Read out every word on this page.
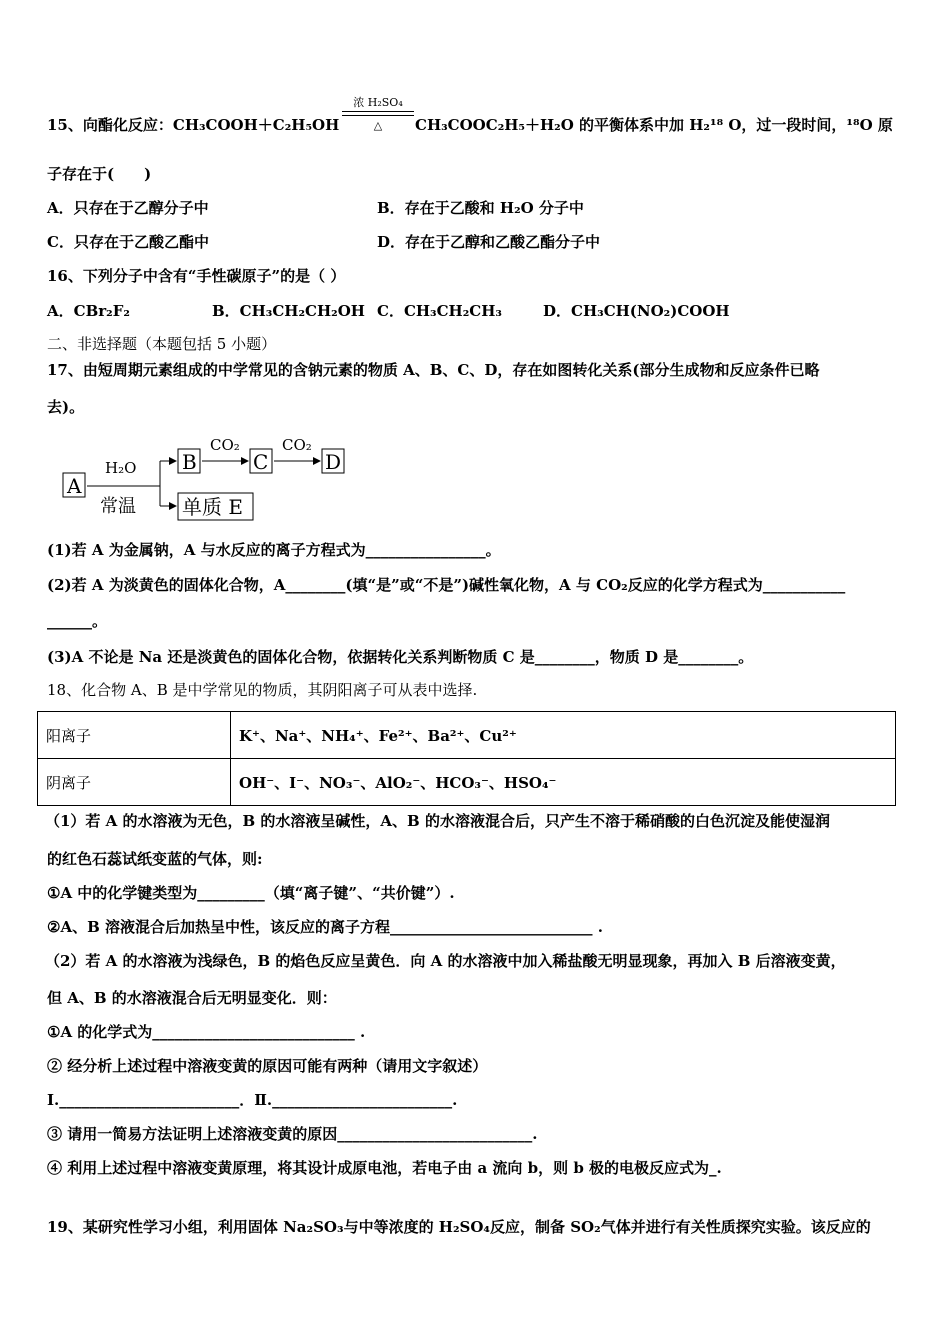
15、向酯化反应：CH₃COOH＋C₂H₅OH
浓 H₂SO₄
△	CH₃COOC₂H₅＋H₂O 的平衡体系中加 H₂¹⁸ O，过一段时间，¹⁸O 原
子存在于(　　)
A．只存在于乙醇分子中	B．存在于乙酸和 H₂O 分子中
C．只存在于乙酸乙酯中	D．存在于乙醇和乙酸乙酯分子中
16、下列分子中含有“手性碳原子”的是（ ）
A．CBr₂F₂	B．CH₃CH₂CH₂OH C．CH₃CH₂CH₃	D．CH₃CH(NO₂)COOH
二、非选择题（本题包括 5 小题）
17、由短周期元素组成的中学常见的含钠元素的物质 A、B、C、D，存在如图转化关系(部分生成物和反应条件已略
去)。
A
B	C	D
单质 E
H₂O
常温
CO₂	CO₂
(1)若 A 为金属钠，A 与水反应的离子方程式为________________。
(2)若 A 为淡黄色的固体化合物，A________(填“是”或“不是”)碱性氧化物，A 与 CO₂反应的化学方程式为___________
______。
(3)A 不论是 Na 还是淡黄色的固体化合物，依据转化关系判断物质 C 是________，物质 D 是________。
18、化合物 A、B 是中学常见的物质，其阴阳离子可从表中选择.
阳离子	K⁺、Na⁺、NH₄⁺、Fe²⁺、Ba²⁺、Cu²⁺
阴离子	OH⁻、I⁻、NO₃⁻、AlO₂⁻、HCO₃⁻、HSO₄⁻
（1）若 A 的水溶液为无色，B 的水溶液呈碱性，A、B 的水溶液混合后，只产生不溶于稀硝酸的白色沉淀及能使湿润
的红色石蕊试纸变蓝的气体，则:
①A 中的化学键类型为_________（填“离子键”、“共价键”）.
②A、B 溶液混合后加热呈中性，该反应的离子方程___________________________ .
（2）若 A 的水溶液为浅绿色，B 的焰色反应呈黄色．向 A 的水溶液中加入稀盐酸无明显现象，再加入 B 后溶液变黄，
但 A、B 的水溶液混合后无明显变化．则：
①A 的化学式为___________________________ .
② 经分析上述过程中溶液变黄的原因可能有两种（请用文字叙述）
Ⅰ.________________________．Ⅱ.________________________.
③ 请用一简易方法证明上述溶液变黄的原因__________________________.
④ 利用上述过程中溶液变黄原理，将其设计成原电池，若电子由 a 流向 b，则 b 极的电极反应式为_.
19、某研究性学习小组，利用固体 Na₂SO₃与中等浓度的 H₂SO₄反应，制备 SO₂气体并进行有关性质探究实验。该反应的
